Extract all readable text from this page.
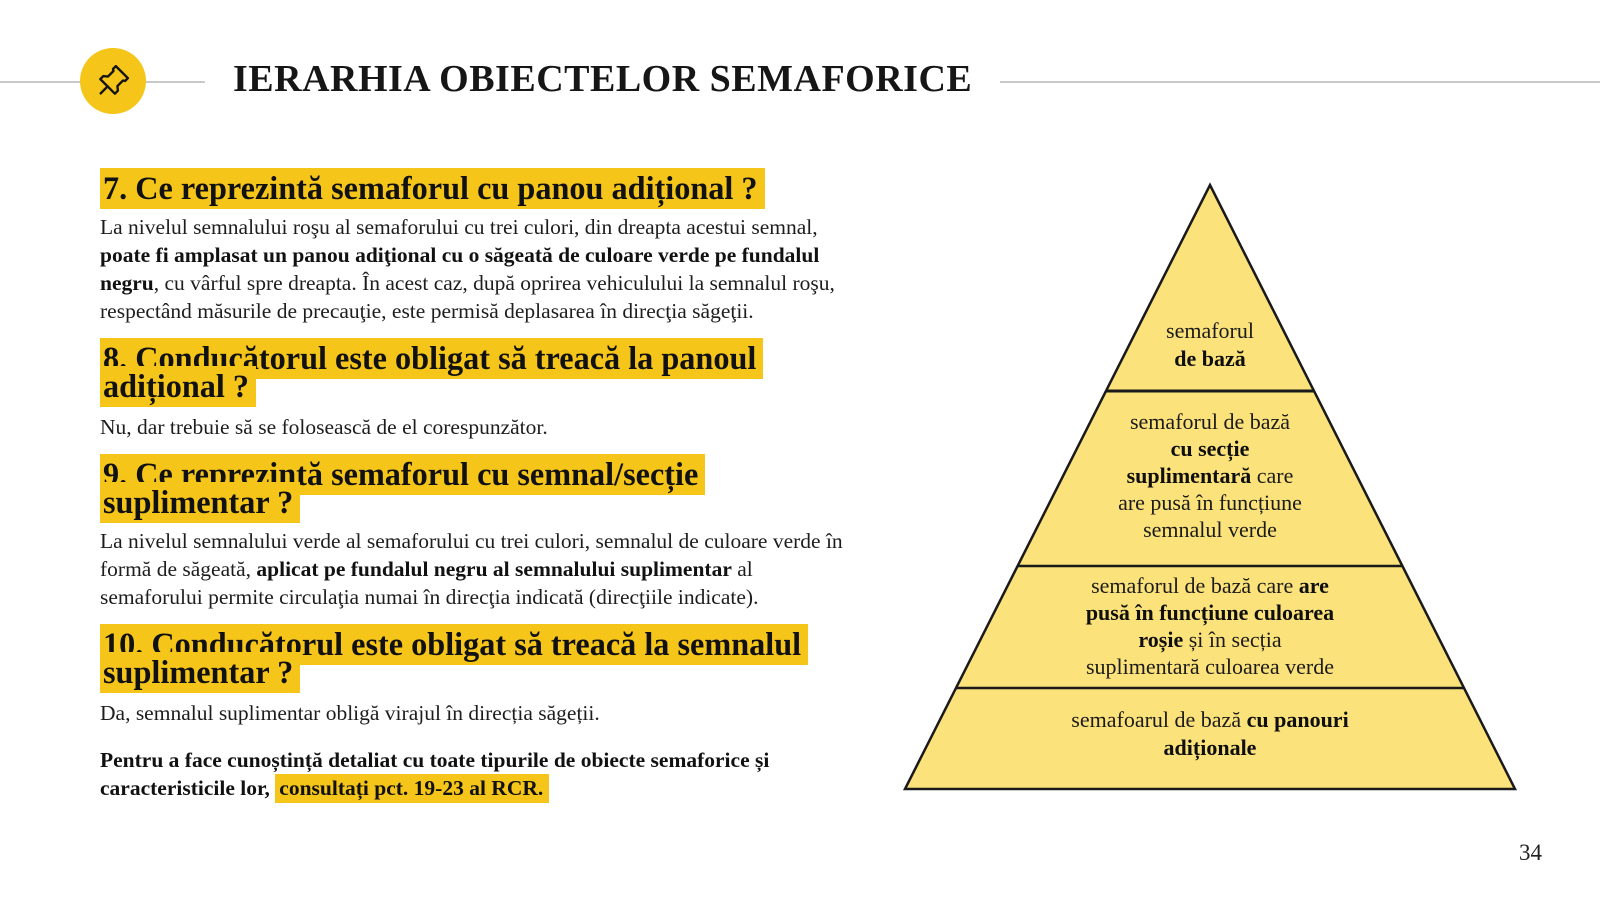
IERARHIA OBIECTELOR SEMAFORICE
7. Ce reprezintă semaforul cu panou adițional ?

La nivelul semnalului roşu al semaforului cu trei culori, din dreapta acestui semnal, poate fi amplasat un panou adiţional cu o săgeată de culoare verde pe fundalul negru, cu vârful spre dreapta. În acest caz, după oprirea vehiculului la semnalul roşu, respectând măsurile de precauţie, este permisă deplasarea în direcţia săgeţii.

8. Conducătorul este obligat să treacă la panoul adițional ?

Nu, dar trebuie să se folosească de el corespunzător.

9. Ce reprezintă semaforul cu semnal/secție suplimentar ?

La nivelul semnalului verde al semaforului cu trei culori, semnalul de culoare verde în formă de săgeată, aplicat pe fundalul negru al semnalului suplimentar al semaforului permite circulaţia numai în direcţia indicată (direcţiile indicate).

10. Conducătorul este obligat să treacă la semnalul suplimentar ?

Da, semnalul suplimentar obligă virajul în direcția săgeții.

Pentru a face cunoștință detaliat cu toate tipurile de obiecte semaforice și caracteristicile lor, consultați pct. 19-23 al RCR.

semaforul
de bază
semaforul de bază
cu secție
suplimentară care
are pusă în funcțiune
semnalul verde
semaforul de bază care are
pusă în funcțiune culoarea
roșie și în secția
suplimentară culoarea verde
semafoarul de bază cu panouri
adiționale
34
